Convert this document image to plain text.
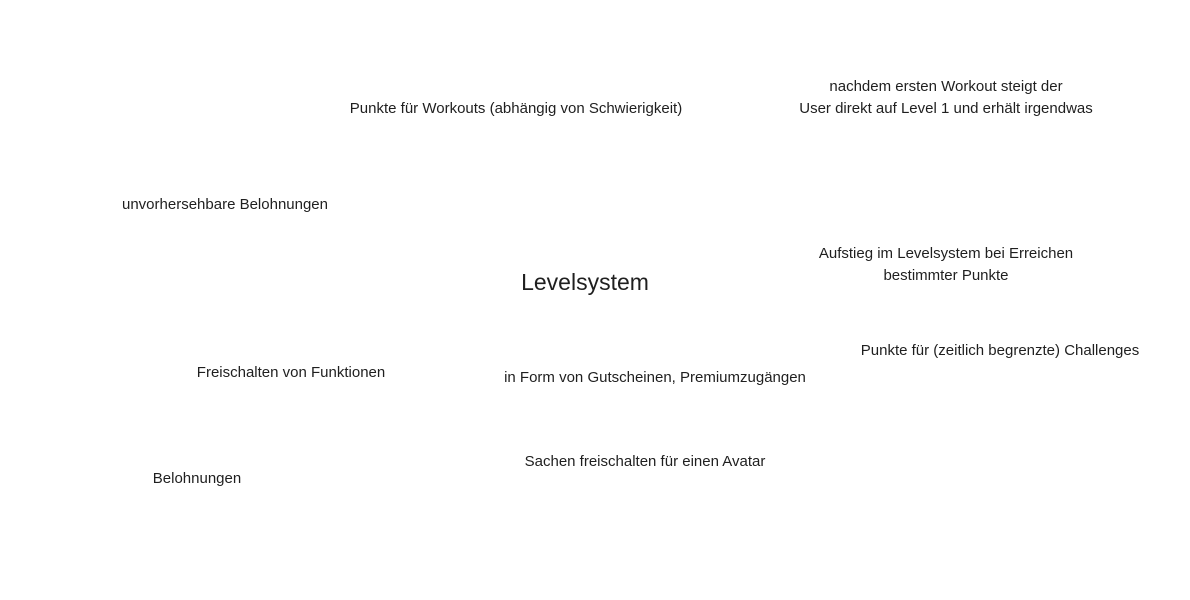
Levelsystem
Punkte für Workouts (abhängig von Schwierigkeit)
nachdem ersten Workout steigt der
User direkt auf Level 1 und erhält irgendwas
unvorhersehbare Belohnungen
Aufstieg im Levelsystem bei Erreichen
bestimmter Punkte
Punkte für (zeitlich begrenzte) Challenges
Freischalten von Funktionen	in Form von Gutscheinen, Premiumzugängen
Sachen freischalten für einen Avatar
Belohnungen
